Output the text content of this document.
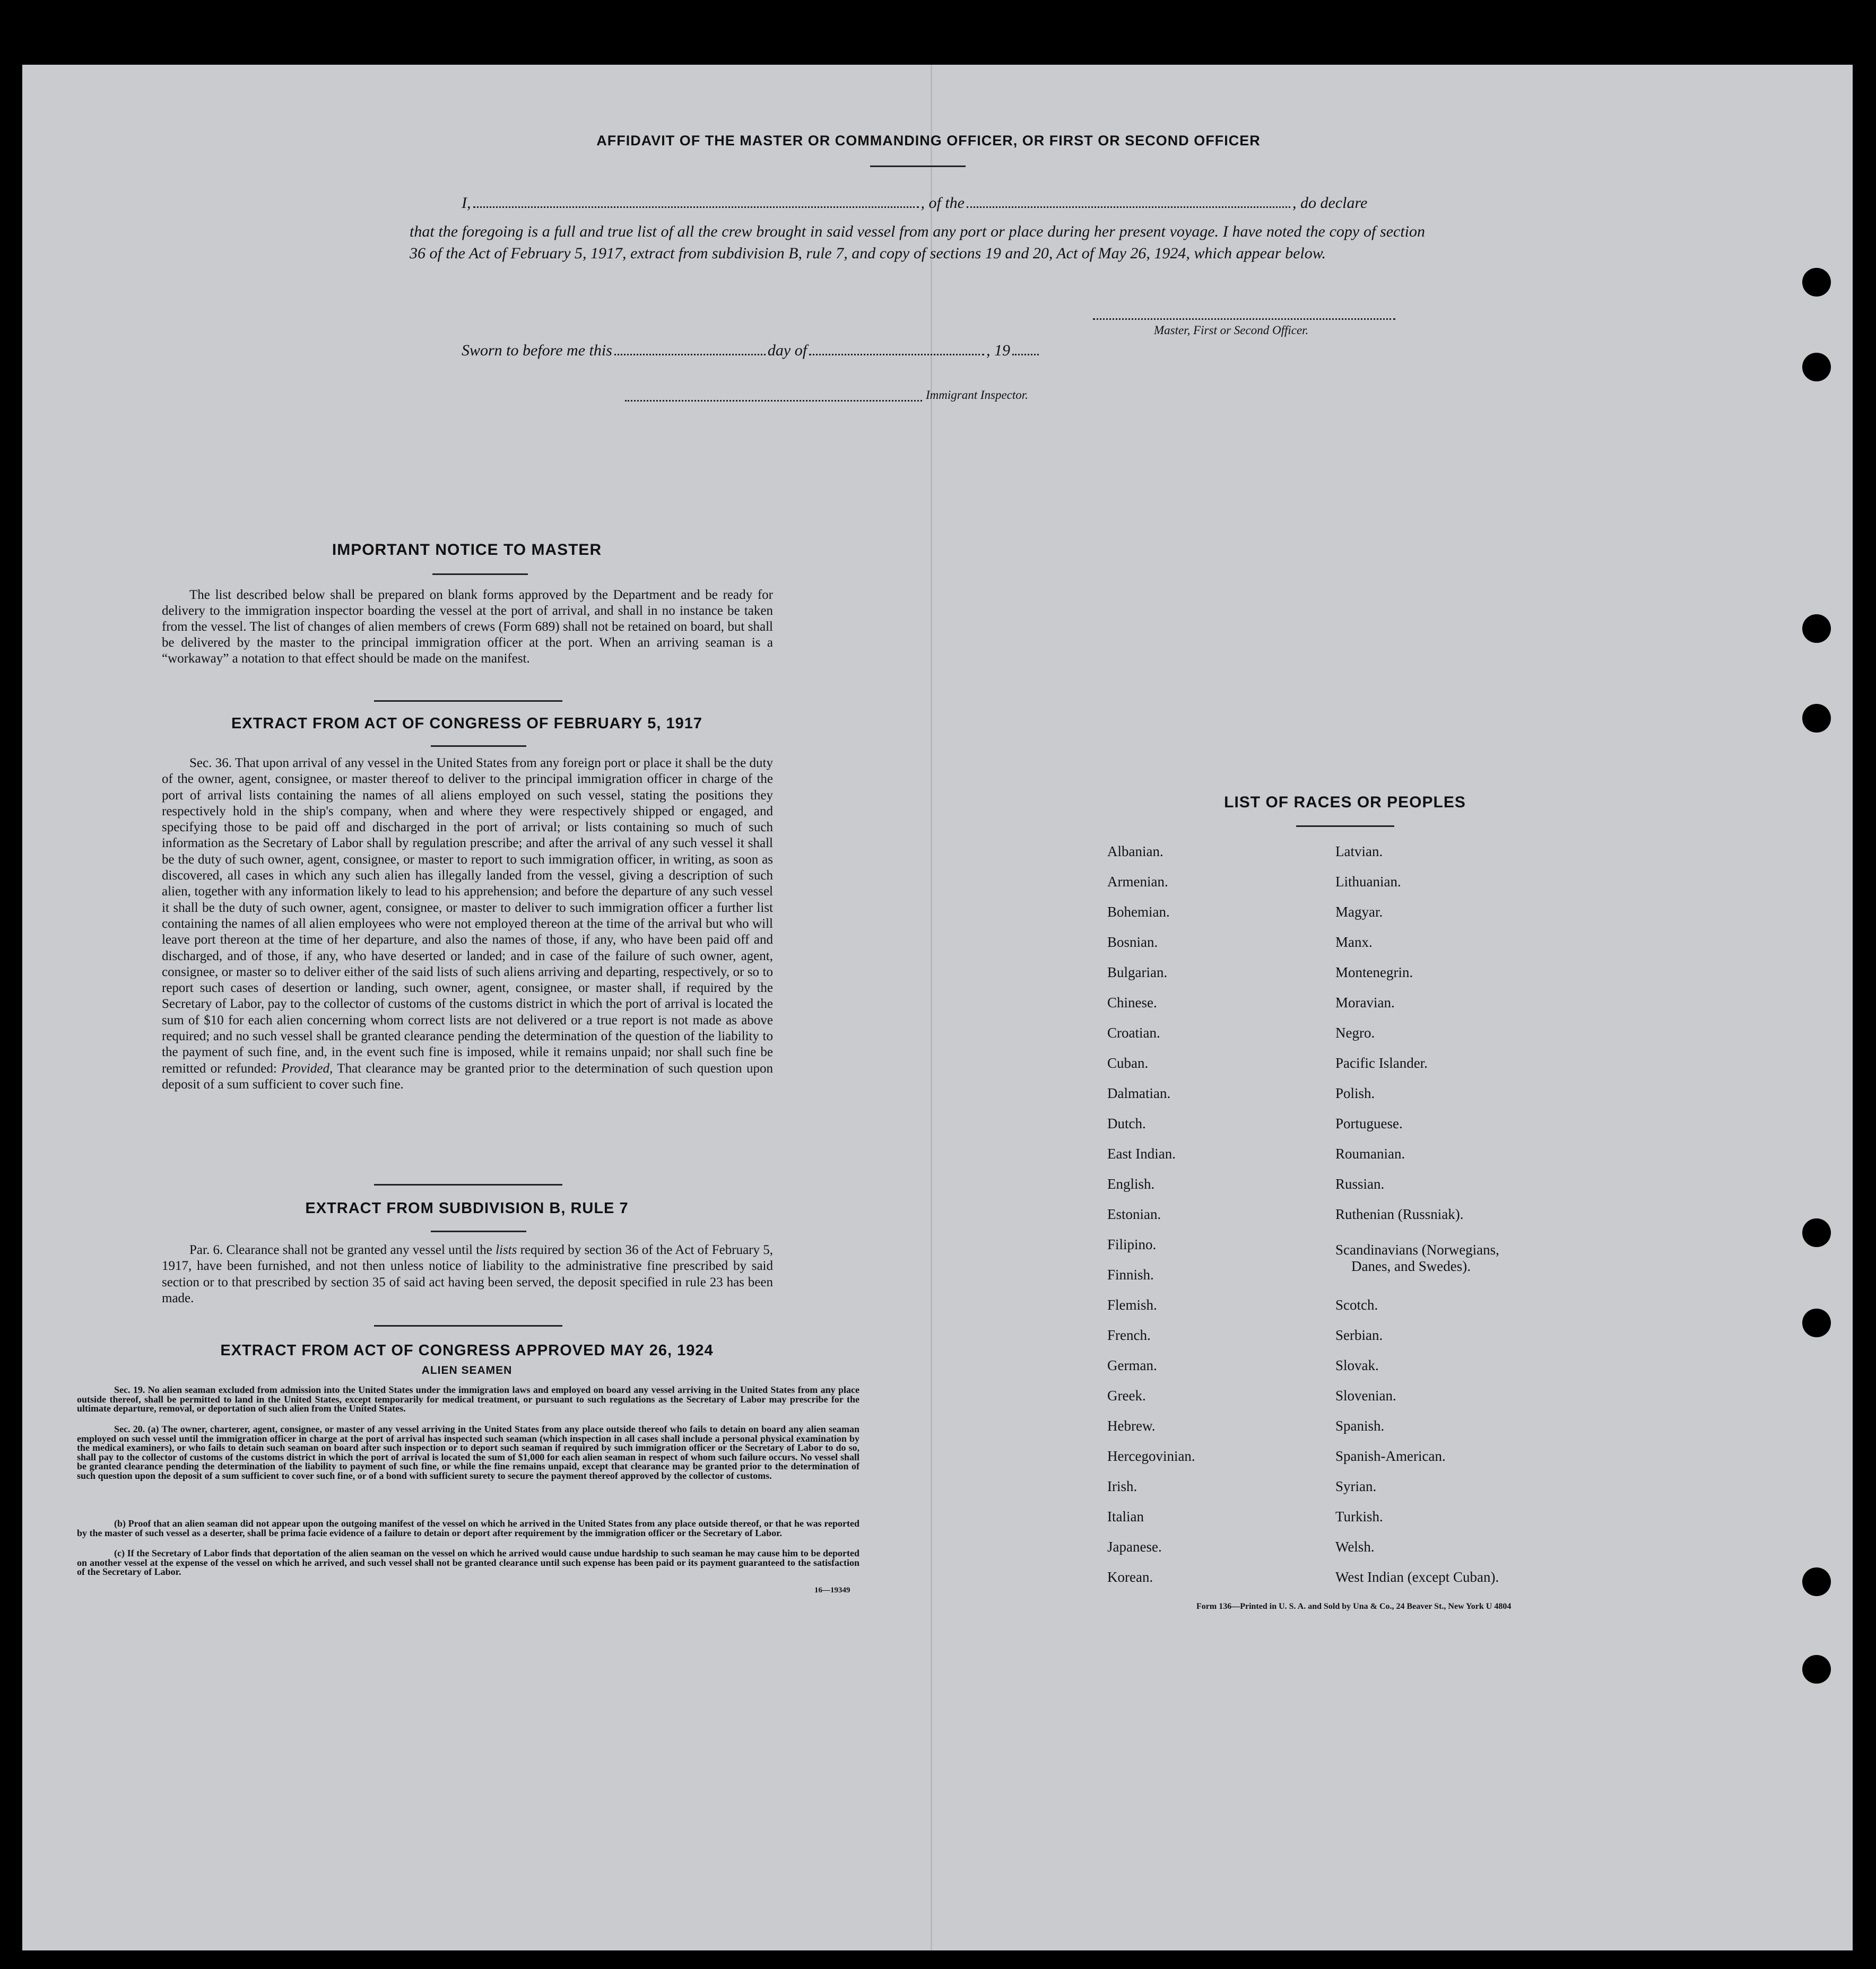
AFFIDAVIT OF THE MASTER OR COMMANDING OFFICER, OR FIRST OR SECOND OFFICER
I,	, of the	, do declare
that the foregoing is a full and true list of all the crew brought in said vessel from any port or place during her present voyage. I have noted the copy of section 36 of the Act of February 5, 1917, extract from subdivision B, rule 7, and copy of sections 19 and 20, Act of May 26, 1924, which appear below.
Master, First or Second Officer.
Sworn to before me this	day of	, 19
Immigrant Inspector.
IMPORTANT NOTICE TO MASTER
The list described below shall be prepared on blank forms approved by the Department and be ready for delivery to the immigration inspector boarding the vessel at the port of arrival, and shall in no instance be taken from the vessel. The list of changes of alien members of crews (Form 689) shall not be retained on board, but shall be delivered by the master to the principal immigration officer at the port. When an arriving seaman is a “workaway” a notation to that effect should be made on the manifest.
EXTRACT FROM ACT OF CONGRESS OF FEBRUARY 5, 1917
Sec. 36. That upon arrival of any vessel in the United States from any foreign port or place it shall be the duty of the owner, agent, consignee, or master thereof to deliver to the principal immigration officer in charge of the port of arrival lists containing the names of all aliens employed on such vessel, stating the positions they respectively hold in the ship's company, when and where they were respectively shipped or engaged, and specifying those to be paid off and discharged in the port of arrival; or lists containing so much of such information as the Secretary of Labor shall by regulation prescribe; and after the arrival of any such vessel it shall be the duty of such owner, agent, consignee, or master to report to such immigration officer, in writing, as soon as discovered, all cases in which any such alien has illegally landed from the vessel, giving a description of such alien, together with any information likely to lead to his apprehension; and before the departure of any such vessel it shall be the duty of such owner, agent, consignee, or master to deliver to such immigration officer a further list containing the names of all alien employees who were not employed thereon at the time of the arrival but who will leave port thereon at the time of her departure, and also the names of those, if any, who have been paid off and discharged, and of those, if any, who have deserted or landed; and in case of the failure of such owner, agent, consignee, or master so to deliver either of the said lists of such aliens arriving and departing, respectively, or so to report such cases of desertion or landing, such owner, agent, consignee, or master shall, if required by the Secretary of Labor, pay to the collector of customs of the customs district in which the port of arrival is located the sum of $10 for each alien concerning whom correct lists are not delivered or a true report is not made as above required; and no such vessel shall be granted clearance pending the determination of the question of the liability to the payment of such fine, and, in the event such fine is imposed, while it remains unpaid; nor shall such fine be remitted or refunded: Provided, That clearance may be granted prior to the determination of such question upon deposit of a sum sufficient to cover such fine.
EXTRACT FROM SUBDIVISION B, RULE 7
Par. 6. Clearance shall not be granted any vessel until the lists required by section 36 of the Act of February 5, 1917, have been furnished, and not then unless notice of liability to the administrative fine prescribed by said section or to that prescribed by section 35 of said act having been served, the deposit specified in rule 23 has been made.
EXTRACT FROM ACT OF CONGRESS APPROVED MAY 26, 1924
ALIEN SEAMEN
Sec. 19. No alien seaman excluded from admission into the United States under the immigration laws and employed on board any vessel arriving in the United States from any place outside thereof, shall be permitted to land in the United States, except temporarily for medical treatment, or pursuant to such regulations as the Secretary of Labor may prescribe for the ultimate departure, removal, or deportation of such alien from the United States.
Sec. 20. (a) The owner, charterer, agent, consignee, or master of any vessel arriving in the United States from any place outside thereof who fails to detain on board any alien seaman employed on such vessel until the immigration officer in charge at the port of arrival has inspected such seaman (which inspection in all cases shall include a personal physical examination by the medical examiners), or who fails to detain such seaman on board after such inspection or to deport such seaman if required by such immigration officer or the Secretary of Labor to do so, shall pay to the collector of customs of the customs district in which the port of arrival is located the sum of $1,000 for each alien seaman in respect of whom such failure occurs. No vessel shall be granted clearance pending the determination of the liability to payment of such fine, or while the fine remains unpaid, except that clearance may be granted prior to the determination of such question upon the deposit of a sum sufficient to cover such fine, or of a bond with sufficient surety to secure the payment thereof approved by the collector of customs.
(b) Proof that an alien seaman did not appear upon the outgoing manifest of the vessel on which he arrived in the United States from any place outside thereof, or that he was reported by the master of such vessel as a deserter, shall be prima facie evidence of a failure to detain or deport after requirement by the immigration officer or the Secretary of Labor.
(c) If the Secretary of Labor finds that deportation of the alien seaman on the vessel on which he arrived would cause undue hardship to such seaman he may cause him to be deported on another vessel at the expense of the vessel on which he arrived, and such vessel shall not be granted clearance until such expense has been paid or its payment guaranteed to the satisfaction of the Secretary of Labor.
16—19349
LIST OF RACES OR PEOPLES
Albanian.
Armenian.
Bohemian.
Bosnian.
Bulgarian.
Chinese.
Croatian.
Cuban.
Dalmatian.
Dutch.
East Indian.
English.
Estonian.
Filipino.
Finnish.
Flemish.
French.
German.
Greek.
Hebrew.
Hercegovinian.
Irish.
Italian
Japanese.
Korean.
Latvian.
Lithuanian.
Magyar.
Manx.
Montenegrin.
Moravian.
Negro.
Pacific Islander.
Polish.
Portuguese.
Roumanian.
Russian.
Ruthenian (Russniak).
Scandinavians (Norwegians,
Danes, and Swedes).
Scotch.
Serbian.
Slovak.
Slovenian.
Spanish.
Spanish-American.
Syrian.
Turkish.
Welsh.
West Indian (except Cuban).
Form 136—Printed in U. S. A. and Sold by Una & Co., 24 Beaver St., New York U 4804
